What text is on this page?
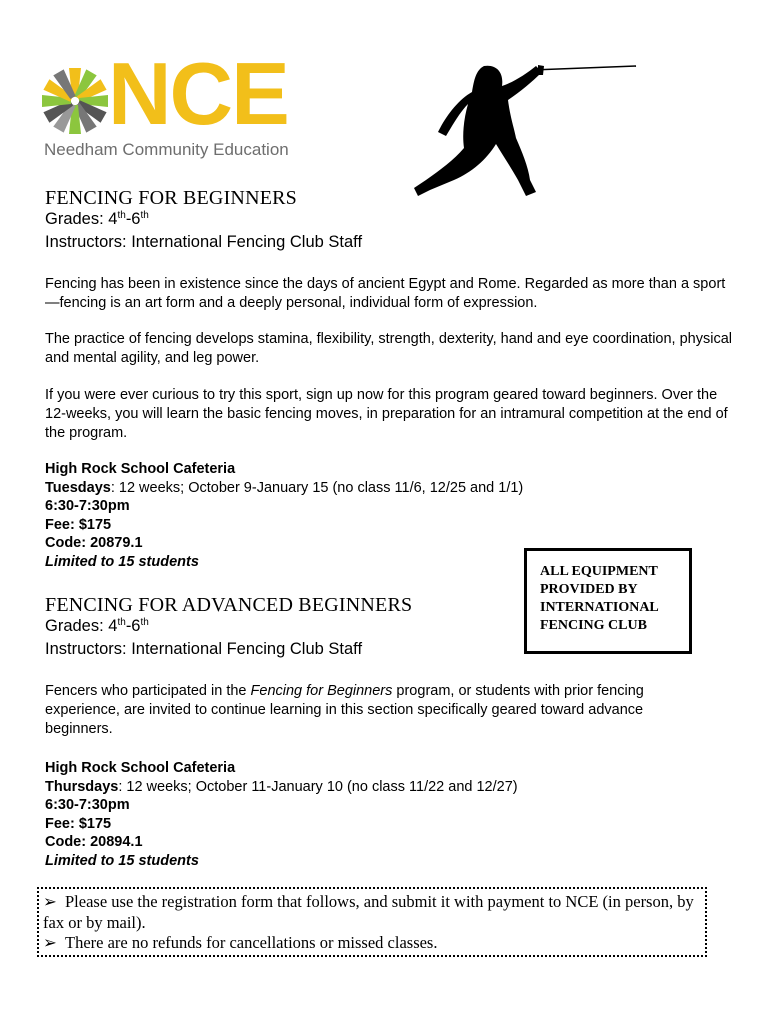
NCE
Needham Community Education
FENCING FOR BEGINNERS
Grades: 4th-6th
Instructors: International Fencing Club Staff
Fencing has been in existence since the days of ancient Egypt and Rome. Regarded as more than a sport—fencing is an art form and a deeply personal, individual form of expression.
The practice of fencing develops stamina, flexibility, strength, dexterity, hand and eye coordination, physical and mental agility, and leg power.
If you were ever curious to try this sport, sign up now for this program geared toward beginners. Over the 12-weeks, you will learn the basic fencing moves, in preparation for an intramural competition at the end of the program.
High Rock School Cafeteria
Tuesdays: 12 weeks; October 9-January 15 (no class 11/6, 12/25 and 1/1)
6:30-7:30pm
Fee: $175
Code: 20879.1
Limited to 15 students
ALL EQUIPMENT
PROVIDED BY
INTERNATIONAL
FENCING CLUB
FENCING FOR ADVANCED BEGINNERS
Grades: 4th-6th
Instructors: International Fencing Club Staff
Fencers who participated in the Fencing for Beginners program, or students with prior fencing experience, are invited to continue learning in this section specifically geared toward advance beginners.
High Rock School Cafeteria
Thursdays: 12 weeks; October 11-January 10 (no class 11/22 and 12/27)
6:30-7:30pm
Fee: $175
Code: 20894.1
Limited to 15 students
➢ Please use the registration form that follows, and submit it with payment to NCE (in person, by fax or by mail).
➢ There are no refunds for cancellations or missed classes.
